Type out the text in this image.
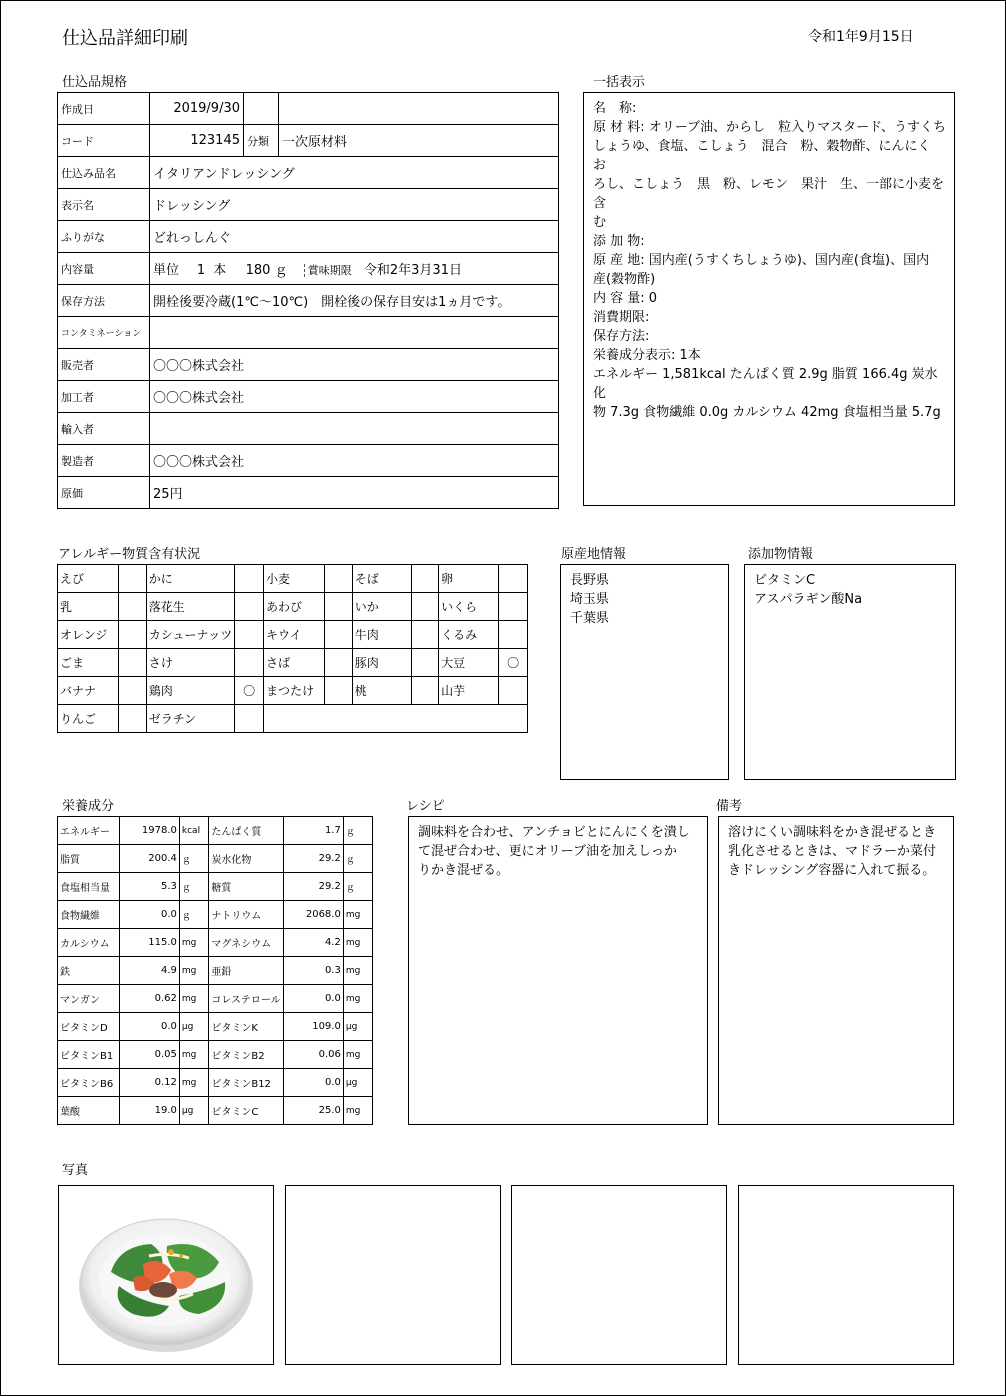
仕込品詳細印刷	令和1年9月15日
仕込品規格
作成日	2019/9/30		
コード	123145	分類	一次原材料
仕込み品名	イタリアンドレッシング		
表示名	ドレッシング		
ふりがな	どれっしんぐ		
内容量	単位 1 本 180 ｇ 賞味期限 令和2年3月31日		
保存方法	開栓後要冷蔵(1℃～10℃)　開栓後の保存目安は1ヵ月です。		
コンタミネーション			
販売者	〇〇〇株式会社		
加工者	〇〇〇株式会社		
輸入者			
製造者	〇〇〇株式会社		
原価	25円		
一括表示
名　称:
原 材 料: オリーブ油、からし　粒入りマスタード、うすくち
しょうゆ、食塩、こしょう　混合　粉、穀物酢、にんにく　お
ろし、こしょう　黒　粉、レモン　果汁　生、一部に小麦を含
む
添 加 物:
原 産 地: 国内産(うすくちしょうゆ)、国内産(食塩)、国内
産(穀物酢)
内 容 量: 0
消費期限:
保存方法:
栄養成分表示: 1本
エネルギー 1,581kcal たんぱく質 2.9g 脂質 166.4g 炭水化
物 7.3g 食物繊維 0.0g カルシウム 42mg 食塩相当量 5.7g
アレルギー物質含有状況
えび		かに		小麦		そば		卵	
乳		落花生		あわび		いか		いくら	
オレンジ		カシューナッツ		キウイ		牛肉		くるみ	
ごま		さけ		さば		豚肉		大豆	〇
バナナ		鶏肉	〇	まつたけ		桃		山芋	
りんご		ゼラチン							
原産地情報
長野県
埼玉県
千葉県
添加物情報
ビタミンC
アスパラギン酸Na
栄養成分
エネルギー	1978.0	kcal	たんぱく質	1.7	ｇ
脂質	200.4	ｇ	炭水化物	29.2	ｇ
食塩相当量	5.3	ｇ	糖質	29.2	ｇ
食物繊維	0.0	ｇ	ナトリウム	2068.0	mg
カルシウム	115.0	mg	マグネシウム	4.2	mg
鉄	4.9	mg	亜鉛	0.3	mg
マンガン	0.62	mg	コレステロール	0.0	mg
ビタミンD	0.0	μg	ビタミンK	109.0	μg
ビタミンB1	0.05	mg	ビタミンB2	0.06	mg
ビタミンB6	0.12	mg	ビタミンB12	0.0	μg
葉酸	19.0	μg	ビタミンC	25.0	mg
レシピ
調味料を合わせ、アンチョビとにんにくを潰し
て混ぜ合わせ、更にオリーブ油を加えしっか
りかき混ぜる。
備考
溶けにくい調味料をかき混ぜるとき
乳化させるときは、マドラーか菜付
きドレッシング容器に入れて振る。
写真
